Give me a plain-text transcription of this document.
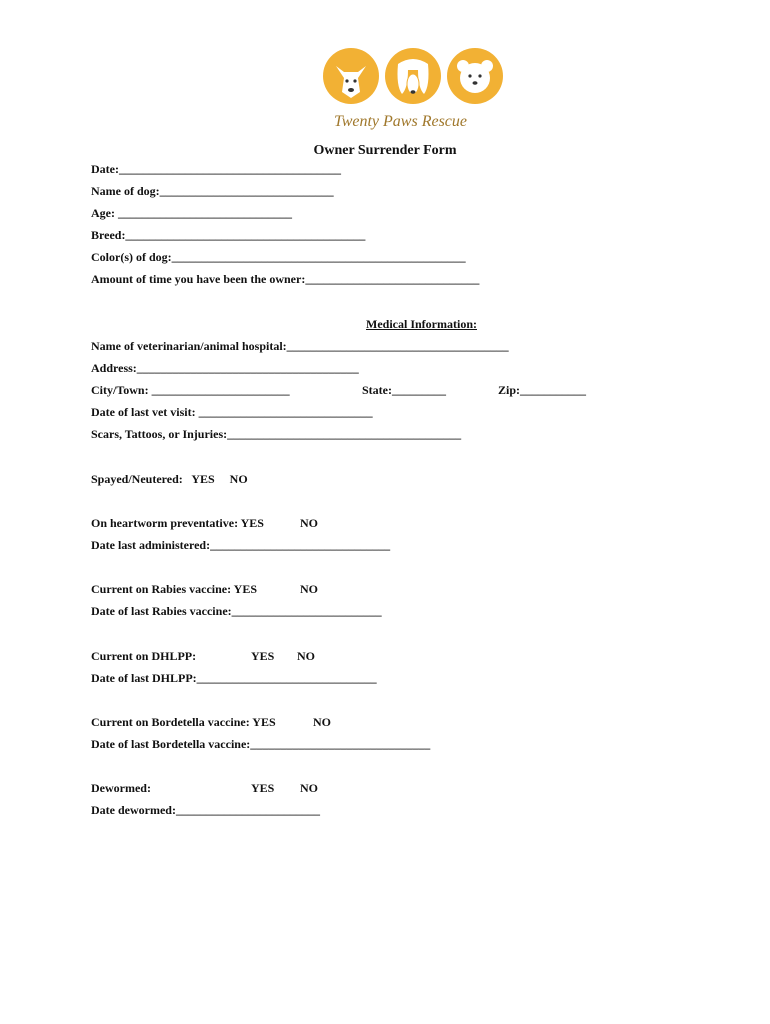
Twenty Paws Rescue
Owner Surrender Form
Date:_____________________________________
Name of dog:_____________________________
Age: _____________________________
Breed:________________________________________
Color(s) of dog:_________________________________________________
Amount of time you have been the owner:_____________________________
Medical Information:
Name of veterinarian/animal hospital:_____________________________________
Address:_____________________________________
City/Town: _______________________	State:_________	Zip:___________
Date of last vet visit: _____________________________
Scars, Tattoos, or Injuries:_______________________________________
Spayed/Neutered:   YES     NO
On heartworm preventative: YES	NO
Date last administered:______________________________
Current on Rabies vaccine: YES	NO
Date of last Rabies vaccine:_________________________
Current on DHLPP:	YES NO
Date of last DHLPP:______________________________
Current on Bordetella vaccine: YES	NO
Date of last Bordetella vaccine:______________________________
Dewormed:	YES NO
Date dewormed:________________________
